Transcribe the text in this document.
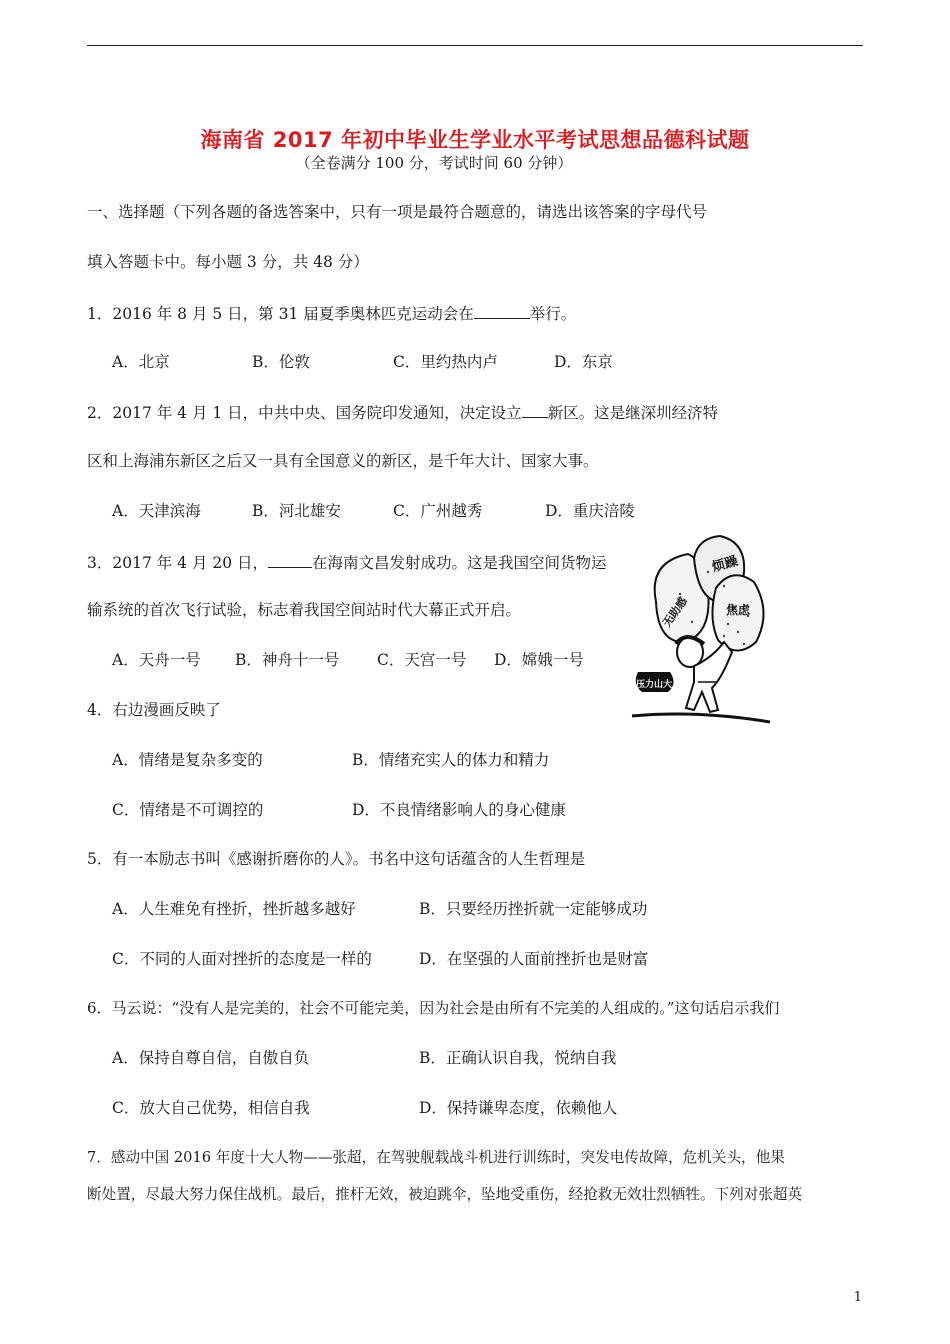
海南省 2017 年初中毕业生学业水平考试思想品德科试题
（全卷满分 100 分，考试时间 60 分钟）
一、选择题（下列各题的备选答案中，只有一项是最符合题意的，请选出该答案的字母代号
填入答题卡中。每小题 3 分，共 48 分）
1．2016 年 8 月 5 日，第 31 届夏季奥林匹克运动会在	举行。
A．北京	B．伦敦	C．里约热内卢	D．东京
2．2017 年 4 月 1 日，中共中央、国务院印发通知，决定设立 新区。这是继深圳经济特
区和上海浦东新区之后又一具有全国意义的新区，是千年大计、国家大事。
A．天津滨海	B．河北雄安	C．广州越秀	D．重庆涪陵
3．2017 年 4 月 20 日，	在海南文昌发射成功。这是我国空间货物运
输系统的首次飞行试验，标志着我国空间站时代大幕正式开启。
A．天舟一号 B．神舟十一号 C．天宫一号 D．嫦娥一号
烦躁
焦虑
无助感
压力山大
4．右边漫画反映了
A．情绪是复杂多变的	B．情绪充实人的体力和精力
C．情绪是不可调控的	D．不良情绪影响人的身心健康
5．有一本励志书叫《感谢折磨你的人》。书名中这句话蕴含的人生哲理是
A．人生难免有挫折，挫折越多越好	B．只要经历挫折就一定能够成功
C．不同的人面对挫折的态度是一样的	D．在坚强的人面前挫折也是财富
6．马云说：“没有人是完美的，社会不可能完美，因为社会是由所有不完美的人组成的。”这句话启示我们
A．保持自尊自信，自傲自负	B．正确认识自我，悦纳自我
C．放大自己优势，相信自我	D．保持谦卑态度，依赖他人
7．感动中国 2016 年度十大人物——张超，在驾驶舰载战斗机进行训练时，突发电传故障，危机关头，他果
断处置，尽最大努力保住战机。最后，推杆无效，被迫跳伞，坠地受重伤，经抢救无效壮烈牺牲。下列对张超英
1
